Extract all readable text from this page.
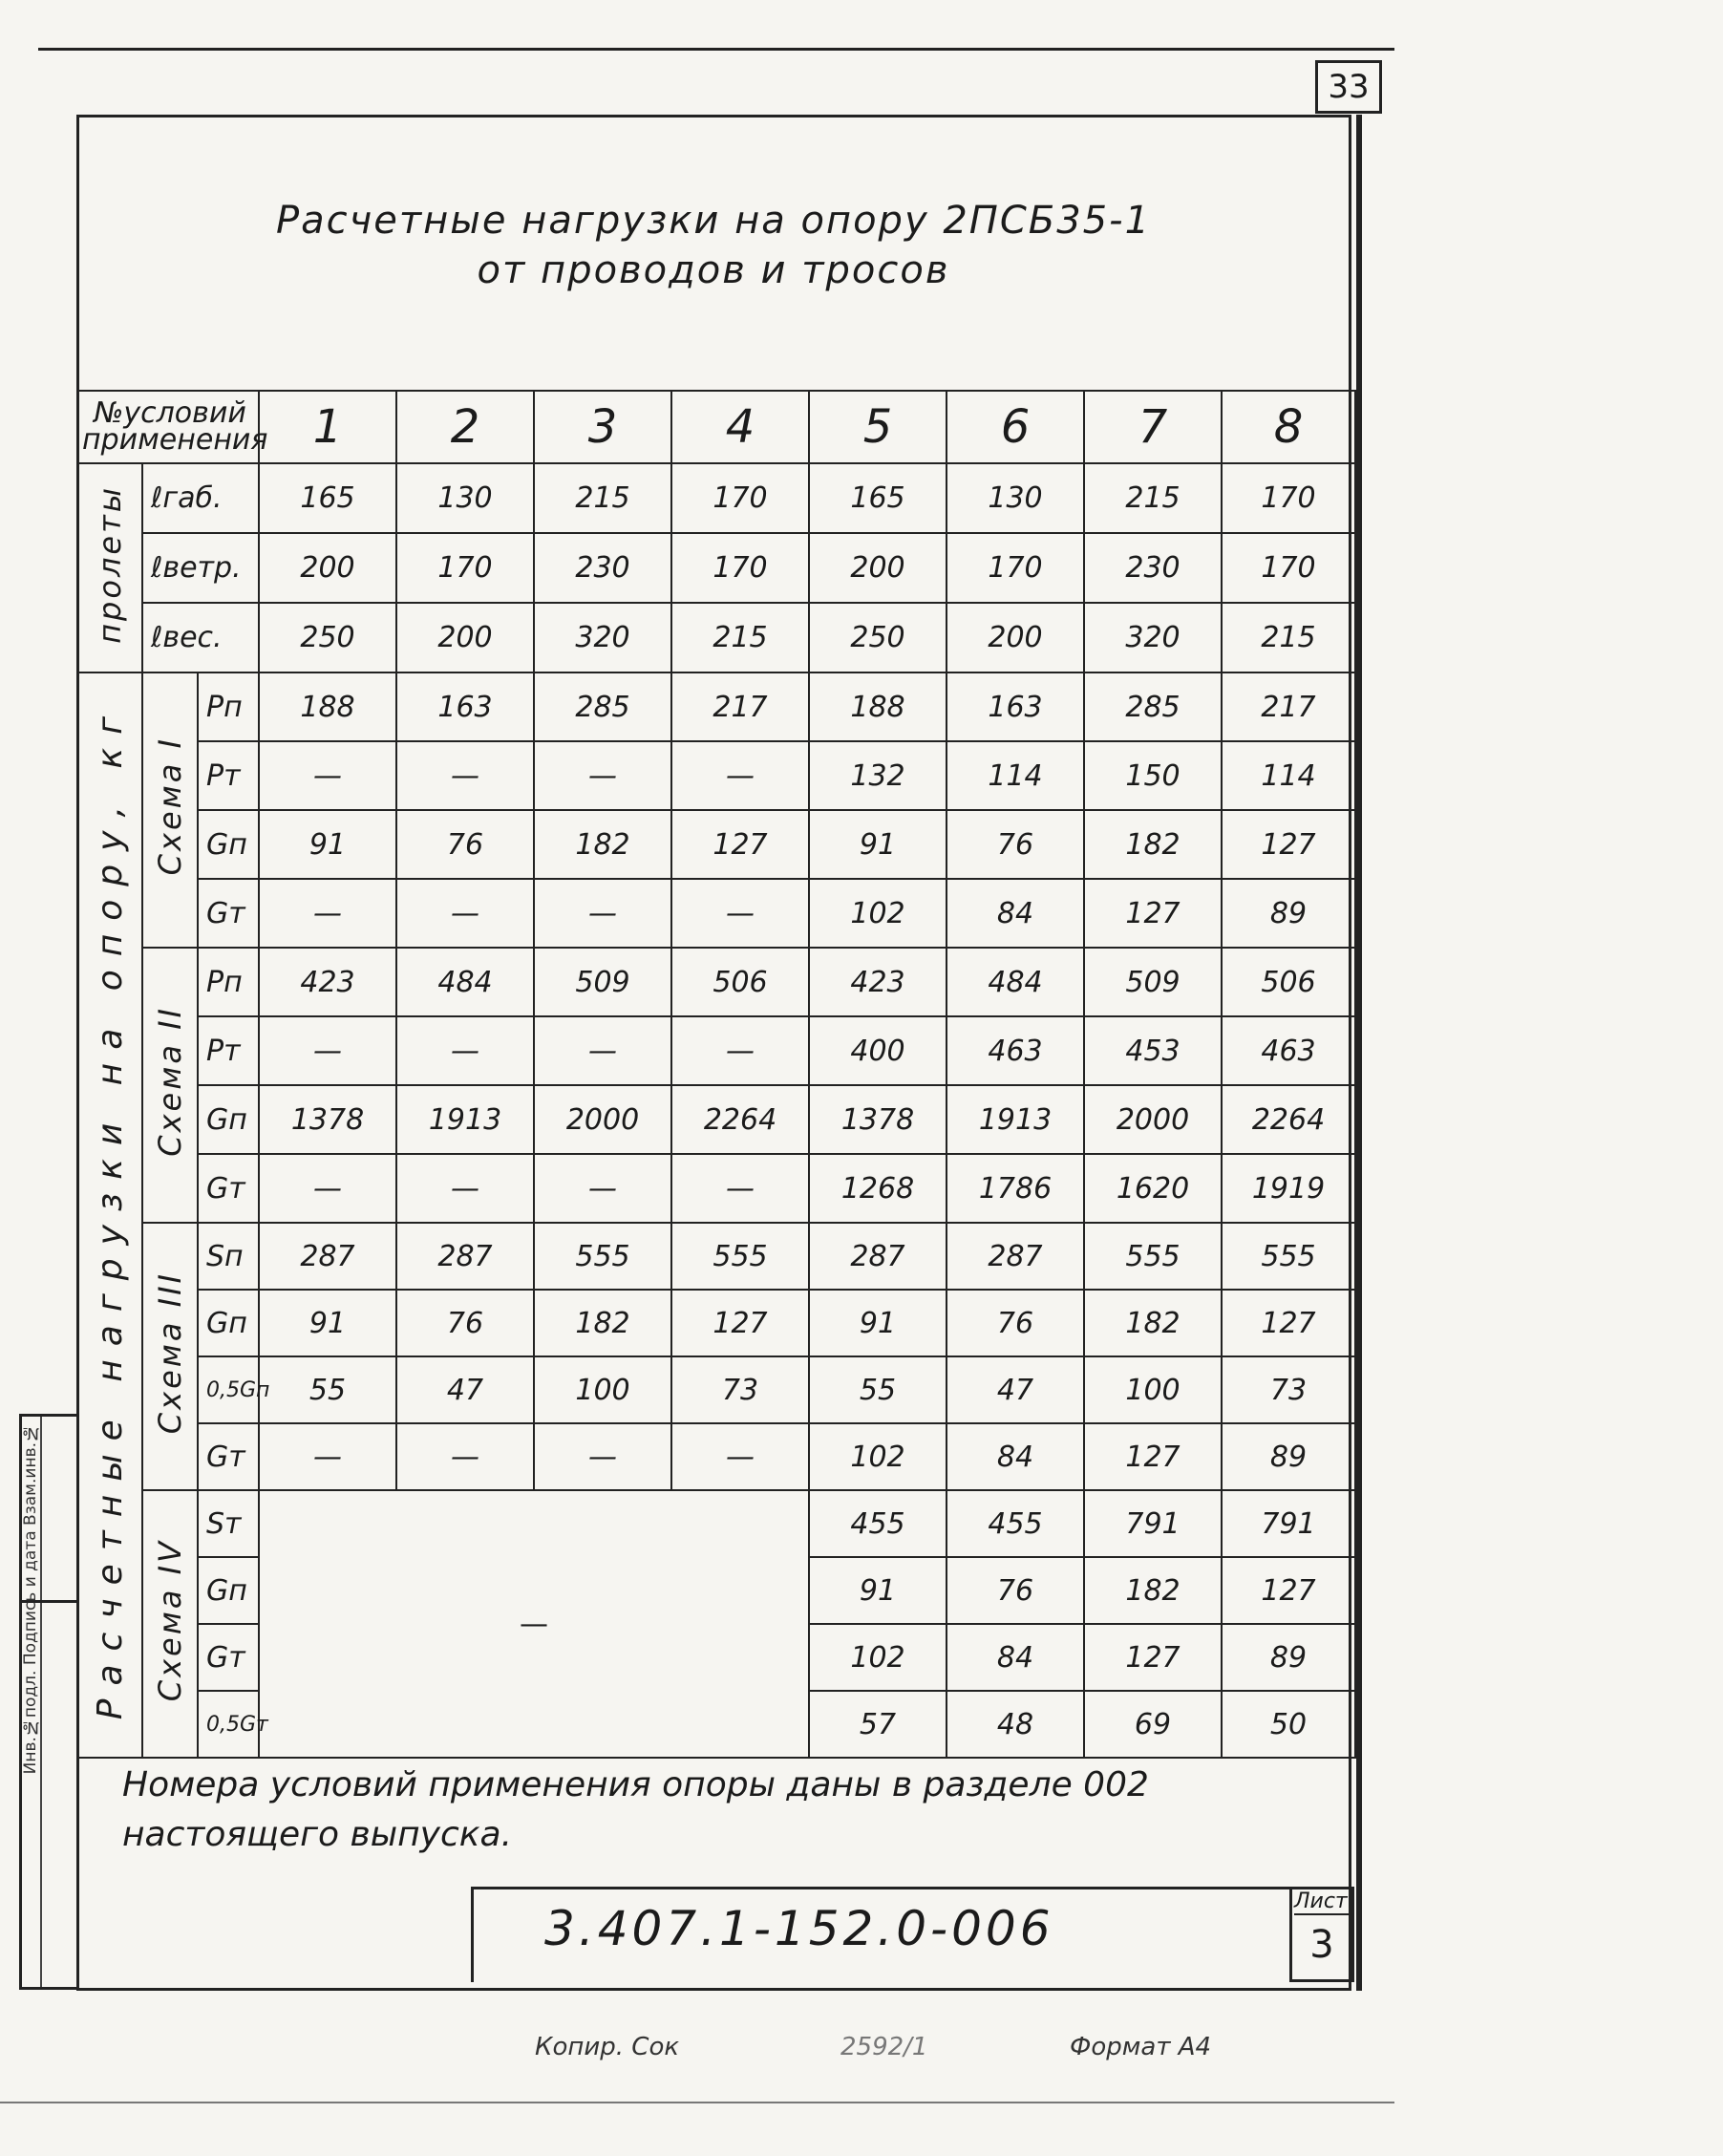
33
Инв.№подл. Подпись и дата Взам.инв.№
Расчетные нагрузки на опору 2ПСБ35-1
от проводов и тросов
№условий
применения			1	2	3	4	5	6	7	8
пролеты	ℓгаб.		165	130	215	170	165	130	215	170
	ℓветр.		200	170	230	170	200	170	230	170
	ℓвес.		250	200	320	215	250	200	320	215
Расчетные нагрузки на опору, кг	Схема I	Pп	188	163	285	217	188	163	285	217
		Pт	—	—	—	—	132	114	150	114
		Gп	91	76	182	127	91	76	182	127
		Gт	—	—	—	—	102	84	127	89
	Схема II	Pп	423	484	509	506	423	484	509	506
		Pт	—	—	—	—	400	463	453	463
		Gп	1378	1913	2000	2264	1378	1913	2000	2264
		Gт	—	—	—	—	1268	1786	1620	1919
	Схема III	Sп	287	287	555	555	287	287	555	555
		Gп	91	76	182	127	91	76	182	127
		0,5Gп	55	47	100	73	55	47	100	73
		Gт	—	—	—	—	102	84	127	89
	Схема IV	Sт	—				455	455	791	791
		Gп					91	76	182	127
		Gт					102	84	127	89
		0,5Gт					57	48	69	50
Номера условий применения опоры даны в разделе 002
настоящего выпуска.
3.407.1-152.0-006	Лист
3
Копир. Сок	2592/1	Формат А4
